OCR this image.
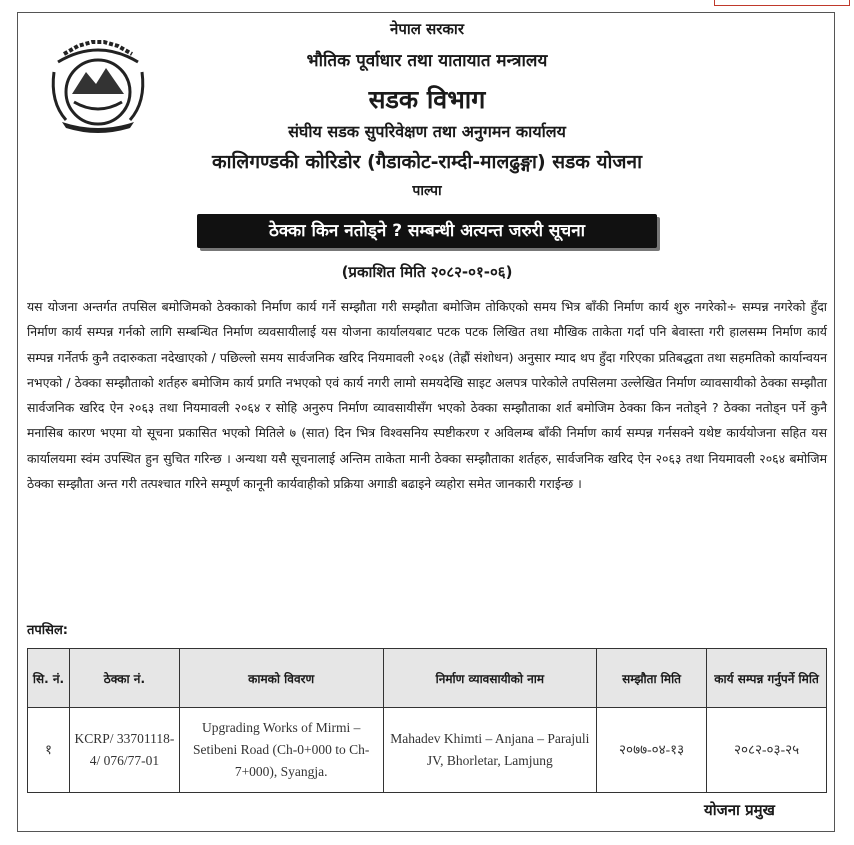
नेपाल सरकार
भौतिक पूर्वाधार तथा यातायात मन्त्रालय
सडक विभाग
संघीय सडक सुपरिवेक्षण तथा अनुगमन कार्यालय
कालिगण्डकी कोरिडोर (गैडाकोट-राम्दी-मालढुङ्गा) सडक योजना
पाल्पा
ठेक्का किन नतोड्ने ? सम्बन्धी अत्यन्त जरुरी सूचना
(प्रकाशित मिति २०८२-०१-०६)
यस योजना अन्तर्गत तपसिल बमोजिमको ठेक्काको निर्माण कार्य गर्ने सम्झौता गरी सम्झौता बमोजिम तोकिएको समय भित्र बाँकी निर्माण कार्य शुरु नगरेको÷ सम्पन्न नगरेको हुँदा निर्माण कार्य सम्पन्न गर्नको लागि सम्बन्धित निर्माण व्यवसायीलाई यस योजना कार्यालयबाट पटक पटक लिखित तथा मौखिक ताकेता गर्दा पनि बेवास्ता गरी हालसम्म निर्माण कार्य सम्पन्न गर्नेतर्फ कुनै तदारुकता नदेखाएको / पछिल्लो समय सार्वजनिक खरिद नियमावली २०६४ (तेह्रौं संशोधन) अनुसार म्याद थप हुँदा गरिएका प्रतिबद्धता तथा सहमतिको कार्यान्वयन नभएको / ठेक्का सम्झौताको शर्तहरु बमोजिम कार्य प्रगति नभएको एवं कार्य नगरी लामो समयदेखि साइट अलपत्र पारेकोले तपसिलमा उल्लेखित निर्माण व्यावसायीको ठेक्का सम्झौता सार्वजनिक खरिद ऐन २०६३ तथा नियमावली २०६४ र सोहि अनुरुप निर्माण व्यावसायीसँग भएको ठेक्का सम्झौताका शर्त बमोजिम ठेक्का किन नतोड्ने ? ठेक्का नतोड्न पर्ने कुनै मनासिब कारण भएमा यो सूचना प्रकासित भएको मितिले ७ (सात) दिन भित्र विश्वसनिय स्पष्टीकरण र अविलम्ब बाँकी निर्माण कार्य सम्पन्न गर्नसक्ने यथेष्ट कार्ययोजना सहित यस कार्यालयमा स्वंम उपस्थित हुन सुचित गरिन्छ । अन्यथा यसै सूचनालाई अन्तिम ताकेता मानी ठेक्का सम्झौताका शर्तहरु, सार्वजनिक खरिद ऐन २०६३ तथा नियमावली २०६४ बमोजिम ठेक्का सम्झौता अन्त गरी तत्पश्चात गरिने सम्पूर्ण कानूनी कार्यवाहीको प्रक्रिया अगाडी बढाइने व्यहोरा समेत जानकारी गराईन्छ ।
तपसिल:
सि. नं.	ठेक्का नं.	कामको विवरण	निर्माण व्यावसायीको नाम	सम्झौता मिति	कार्य सम्पन्न गर्नुपर्ने मिति
१	KCRP/ 33701118-4/ 076/77-01	Upgrading Works of Mirmi – Setibeni Road (Ch-0+000 to Ch-7+000), Syangja.	Mahadev Khimti – Anjana – Parajuli JV, Bhorletar, Lamjung	२०७७-०४-१३	२०८२-०३-२५
योजना प्रमुख
